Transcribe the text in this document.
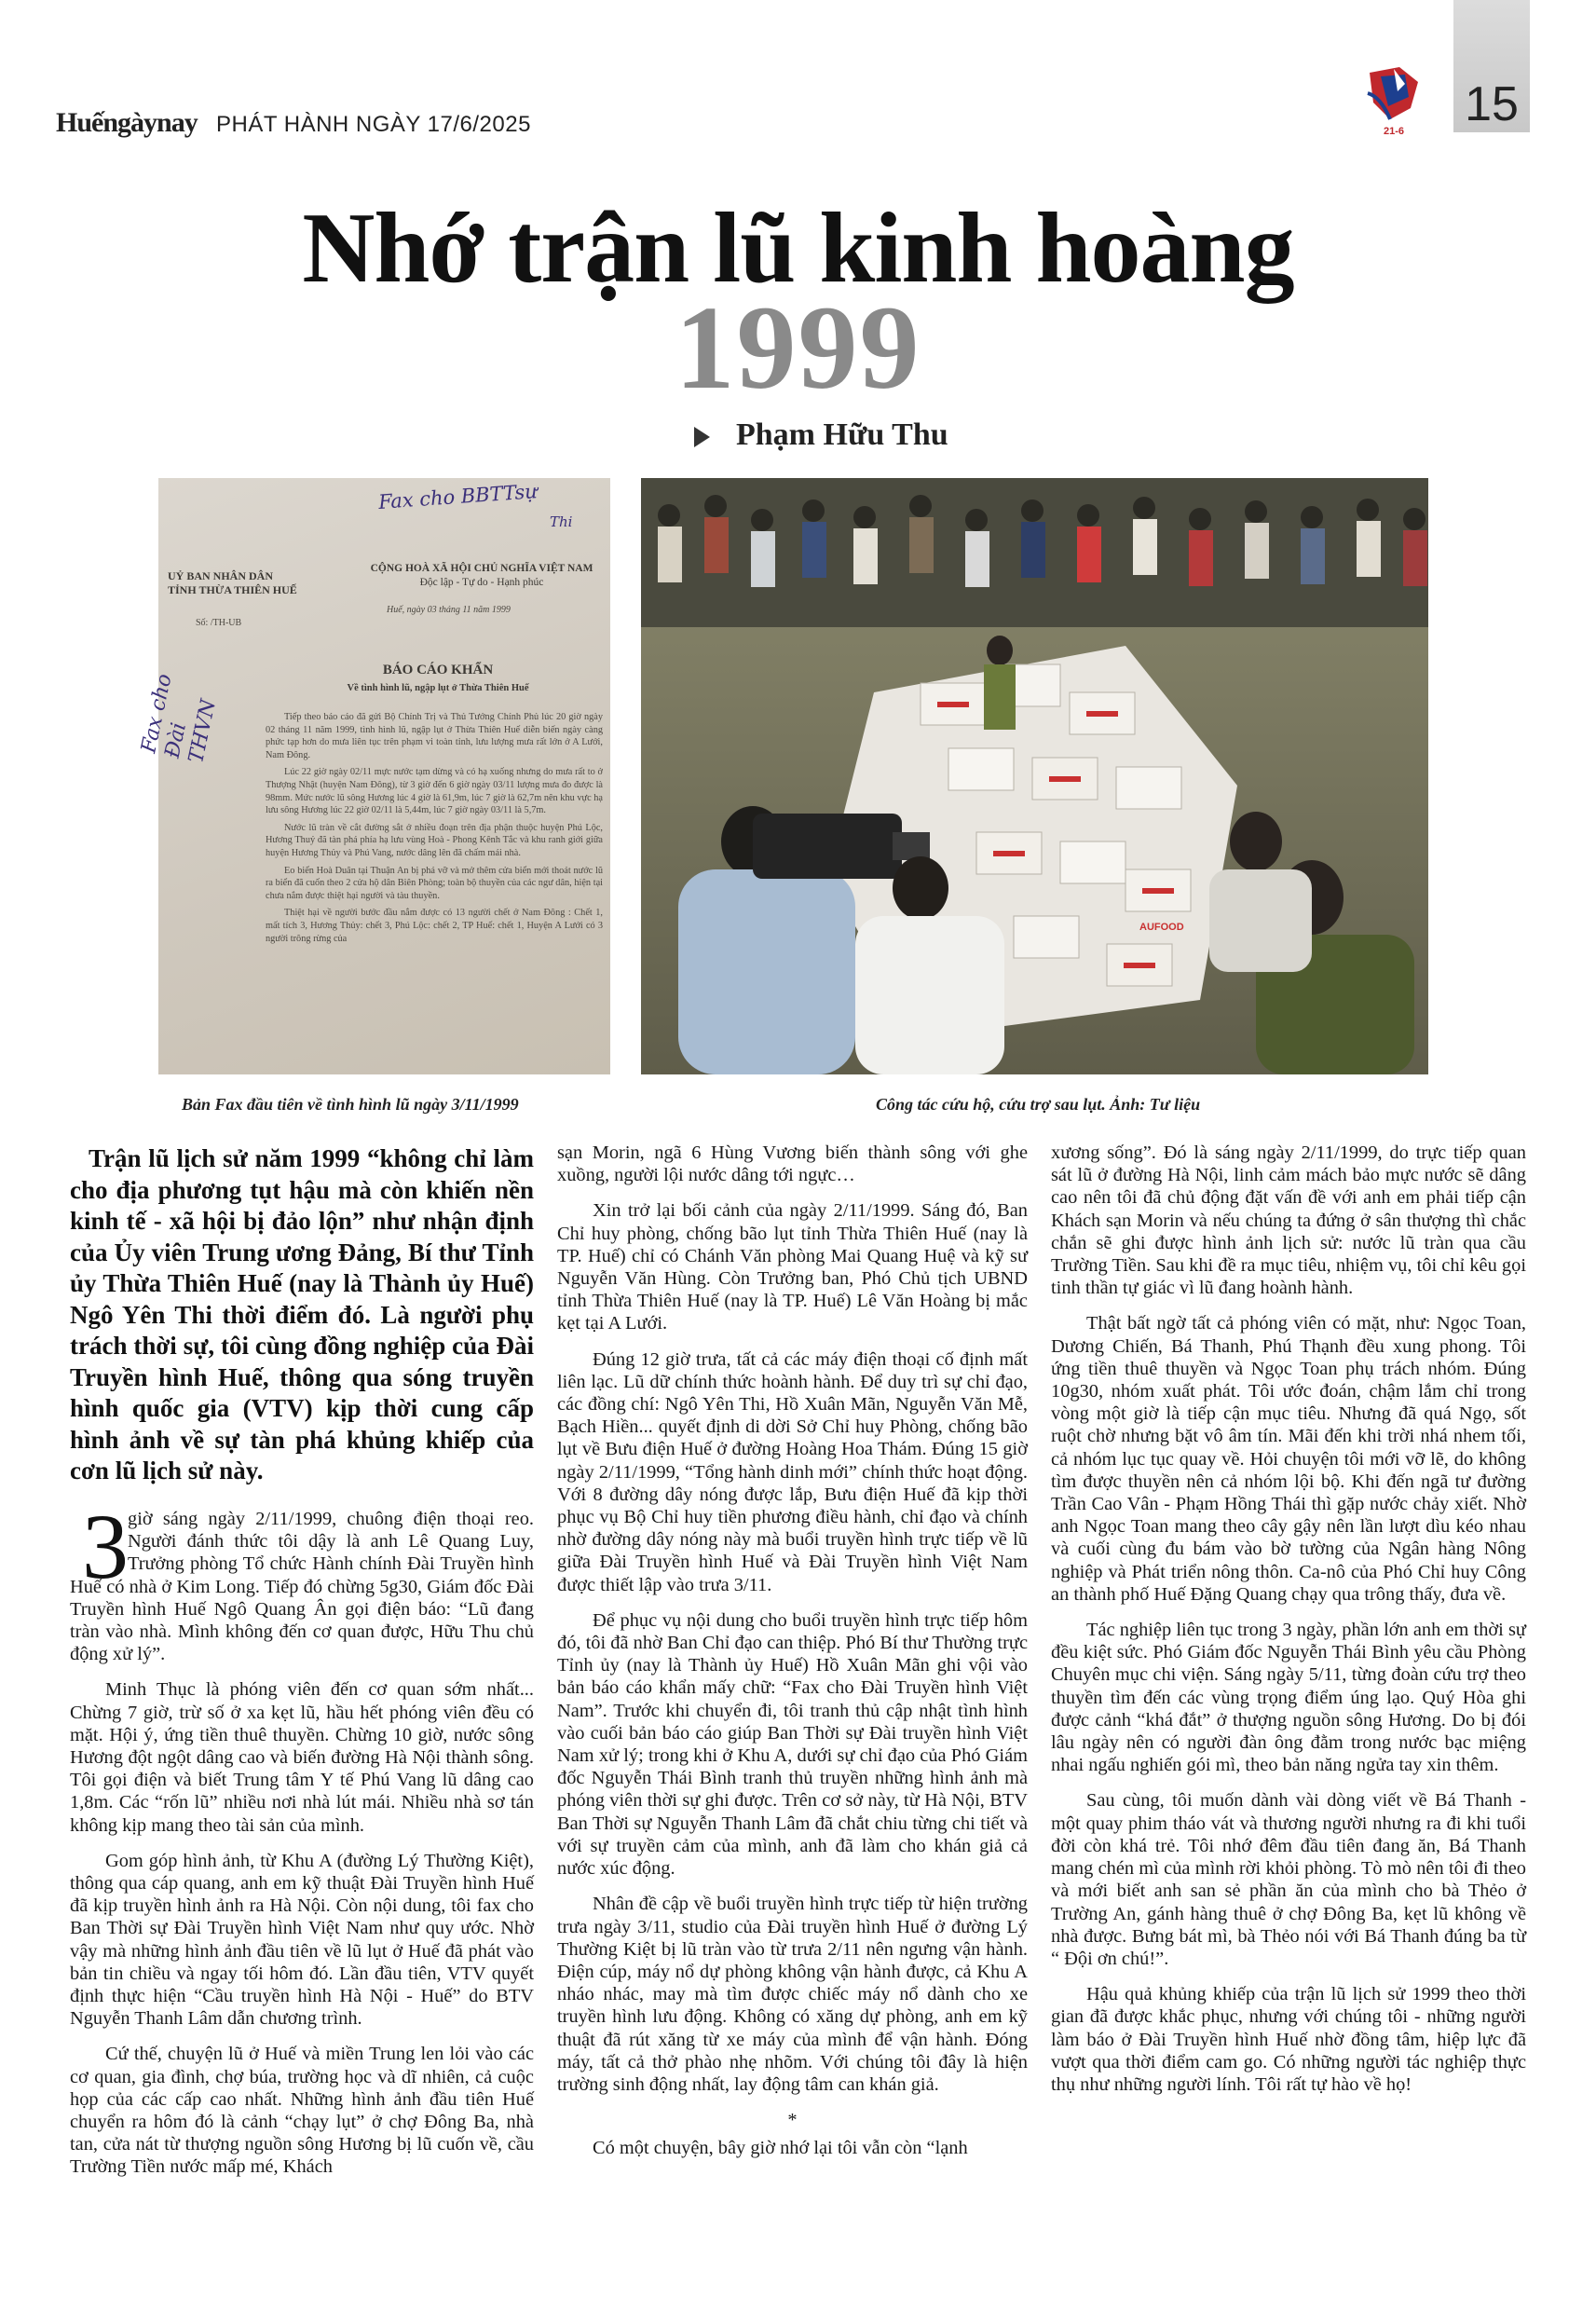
Huếngàynay PHÁT HÀNH NGÀY 17/6/2025	15
21-6
Nhớ trận lũ kinh hoàng
1999
Phạm Hữu Thu
Fax cho BBTTsự
Thi
UỶ BAN NHÂN DÂN
TỈNH THỪA THIÊN HUẾ
CỘNG HOÀ XÃ HỘI CHỦ NGHĨA VIỆT NAM
Độc lập - Tự do - Hạnh phúc
Số: /TH-UB
Huế, ngày 03 tháng 11 năm 1999
Fax cho Đài THVN
BÁO CÁO KHẨN
Về tình hình lũ, ngập lụt ở Thừa Thiên Huế

Tiếp theo báo cáo đã gửi Bộ Chính Trị và Thủ Tướng Chính Phủ lúc 20 giờ ngày 02 tháng 11 năm 1999, tình hình lũ, ngập lụt ở Thừa Thiên Huế diễn biến ngày càng phức tạp hơn do mưa liên tục trên phạm vi toàn tỉnh, lưu lượng mưa rất lớn ở A Lưới, Nam Đông.

Lúc 22 giờ ngày 02/11 mực nước tạm dừng và có hạ xuống nhưng do mưa rất to ở Thượng Nhật (huyện Nam Đông), từ 3 giờ đến 6 giờ ngày 03/11 lượng mưa đo được là 98mm. Mức nước lũ sông Hương lúc 4 giờ là 61,9m, lúc 7 giờ là 62,7m nên khu vực hạ lưu sông Hương lúc 22 giờ 02/11 là 5,44m, lúc 7 giờ ngày 03/11 là 5,7m.

Nước lũ tràn về cắt đường sắt ở nhiều đoạn trên địa phận thuộc huyện Phú Lộc, Hương Thuỷ đã tàn phá phía hạ lưu vùng Hoà - Phong Kênh Tắc và khu ranh giới giữa huyện Hương Thủy và Phú Vang, nước dâng lên đã chấm mái nhà.

Eo biển Hoà Duân tại Thuận An bị phá vỡ và mở thêm cửa biển mới thoát nước lũ ra biển đã cuốn theo 2 cửa hộ dân Biên Phòng; toàn bộ thuyền của các ngư dân, hiện tại chưa nắm được thiệt hại người và tàu thuyền.

Thiệt hại về người bước đầu nắm được có 13 người chết ở Nam Đông : Chết 1, mất tích 3, Hương Thủy: chết 3, Phú Lộc: chết 2, TP Huế: chết 1, Huyện A Lưới có 3 người trông rừng của

AUFOOD
Bản Fax đầu tiên về tình hình lũ ngày 3/11/1999	Công tác cứu hộ, cứu trợ sau lụt. Ảnh: Tư liệu
Trận lũ lịch sử năm 1999 “không chỉ làm cho địa phương tụt hậu mà còn khiến nền kinh tế - xã hội bị đảo lộn” như nhận định của Ủy viên Trung ương Đảng, Bí thư Tỉnh ủy Thừa Thiên Huế (nay là Thành ủy Huế) Ngô Yên Thi thời điểm đó. Là người phụ trách thời sự, tôi cùng đồng nghiệp của Đài Truyền hình Huế, thông qua sóng truyền hình quốc gia (VTV) kịp thời cung cấp hình ảnh về sự tàn phá khủng khiếp của cơn lũ lịch sử này.
3 giờ sáng ngày 2/11/1999, chuông điện thoại reo. Người đánh thức tôi dậy là anh Lê Quang Luy, Trưởng phòng Tổ chức Hành chính Đài Truyền hình Huế có nhà ở Kim Long. Tiếp đó chừng 5g30, Giám đốc Đài Truyền hình Huế Ngô Quang Ân gọi điện báo: “Lũ đang tràn vào nhà. Mình không đến cơ quan được, Hữu Thu chủ động xử lý”.

Minh Thục là phóng viên đến cơ quan sớm nhất... Chừng 7 giờ, trừ số ở xa kẹt lũ, hầu hết phóng viên đều có mặt. Hội ý, ứng tiền thuê thuyền. Chừng 10 giờ, nước sông Hương đột ngột dâng cao và biến đường Hà Nội thành sông. Tôi gọi điện và biết Trung tâm Y tế Phú Vang lũ dâng cao 1,8m. Các “rốn lũ” nhiều nơi nhà lút mái. Nhiều nhà sơ tán không kịp mang theo tài sản của mình.

Gom góp hình ảnh, từ Khu A (đường Lý Thường Kiệt), thông qua cáp quang, anh em kỹ thuật Đài Truyền hình Huế đã kịp truyền hình ảnh ra Hà Nội. Còn nội dung, tôi fax cho Ban Thời sự Đài Truyền hình Việt Nam như quy ước. Nhờ vậy mà những hình ảnh đầu tiên về lũ lụt ở Huế đã phát vào bản tin chiều và ngay tối hôm đó. Lần đầu tiên, VTV quyết định thực hiện “Cầu truyền hình Hà Nội - Huế” do BTV Nguyễn Thanh Lâm dẫn chương trình.

Cứ thế, chuyện lũ ở Huế và miền Trung len lỏi vào các cơ quan, gia đình, chợ búa, trường học và dĩ nhiên, cả cuộc họp của các cấp cao nhất. Những hình ảnh đầu tiên Huế chuyển ra hôm đó là cảnh “chạy lụt” ở chợ Đông Ba, nhà tan, cửa nát từ thượng nguồn sông Hương bị lũ cuốn về, cầu Trường Tiền nước mấp mé, Khách

sạn Morin, ngã 6 Hùng Vương biến thành sông với ghe xuồng, người lội nước dâng tới ngực…

Xin trở lại bối cảnh của ngày 2/11/1999. Sáng đó, Ban Chỉ huy phòng, chống bão lụt tỉnh Thừa Thiên Huế (nay là TP. Huế) chỉ có Chánh Văn phòng Mai Quang Huệ và kỹ sư Nguyễn Văn Hùng. Còn Trưởng ban, Phó Chủ tịch UBND tỉnh Thừa Thiên Huế (nay là TP. Huế) Lê Văn Hoàng bị mắc kẹt tại A Lưới.

Đúng 12 giờ trưa, tất cả các máy điện thoại cố định mất liên lạc. Lũ dữ chính thức hoành hành. Để duy trì sự chỉ đạo, các đồng chí: Ngô Yên Thi, Hồ Xuân Mãn, Nguyễn Văn Mễ, Bạch Hiền... quyết định di dời Sở Chỉ huy Phòng, chống bão lụt về Bưu điện Huế ở đường Hoàng Hoa Thám. Đúng 15 giờ ngày 2/11/1999, “Tổng hành dinh mới” chính thức hoạt động. Với 8 đường dây nóng được lắp, Bưu điện Huế đã kịp thời phục vụ Bộ Chỉ huy tiền phương điều hành, chỉ đạo và chính nhờ đường dây nóng này mà buổi truyền hình trực tiếp về lũ giữa Đài Truyền hình Huế và Đài Truyền hình Việt Nam được thiết lập vào trưa 3/11.

Để phục vụ nội dung cho buổi truyền hình trực tiếp hôm đó, tôi đã nhờ Ban Chỉ đạo can thiệp. Phó Bí thư Thường trực Tỉnh ủy (nay là Thành ủy Huế) Hồ Xuân Mãn ghi vội vào bản báo cáo khẩn mấy chữ: “Fax cho Đài Truyền hình Việt Nam”. Trước khi chuyển đi, tôi tranh thủ cập nhật tình hình vào cuối bản báo cáo giúp Ban Thời sự Đài truyền hình Việt Nam xử lý; trong khi ở Khu A, dưới sự chỉ đạo của Phó Giám đốc Nguyễn Thái Bình tranh thủ truyền những hình ảnh mà phóng viên thời sự ghi được. Trên cơ sở này, từ Hà Nội, BTV Ban Thời sự Nguyễn Thanh Lâm đã chắt chiu từng chi tiết và với sự truyền cảm của mình, anh đã làm cho khán giả cả nước xúc động.

Nhân đề cập về buổi truyền hình trực tiếp từ hiện trường trưa ngày 3/11, studio của Đài truyền hình Huế ở đường Lý Thường Kiệt bị lũ tràn vào từ trưa 2/11 nên ngưng vận hành. Điện cúp, máy nổ dự phòng không vận hành được, cả Khu A nháo nhác, may mà tìm được chiếc máy nổ dành cho xe truyền hình lưu động. Không có xăng dự phòng, anh em kỹ thuật đã rút xăng từ xe máy của mình để vận hành. Đóng máy, tất cả thở phào nhẹ nhõm. Với chúng tôi đây là hiện trường sinh động nhất, lay động tâm can khán giả.

*

Có một chuyện, bây giờ nhớ lại tôi vẫn còn “lạnh

xương sống”. Đó là sáng ngày 2/11/1999, do trực tiếp quan sát lũ ở đường Hà Nội, linh cảm mách bảo mực nước sẽ dâng cao nên tôi đã chủ động đặt vấn đề với anh em phải tiếp cận Khách sạn Morin và nếu chúng ta đứng ở sân thượng thì chắc chắn sẽ ghi được hình ảnh lịch sử: nước lũ tràn qua cầu Trường Tiền. Sau khi đề ra mục tiêu, nhiệm vụ, tôi chỉ kêu gọi tinh thần tự giác vì lũ đang hoành hành.

Thật bất ngờ tất cả phóng viên có mặt, như: Ngọc Toan, Dương Chiến, Bá Thanh, Phú Thạnh đều xung phong. Tôi ứng tiền thuê thuyền và Ngọc Toan phụ trách nhóm. Đúng 10g30, nhóm xuất phát. Tôi ước đoán, chậm lắm chỉ trong vòng một giờ là tiếp cận mục tiêu. Nhưng đã quá Ngọ, sốt ruột chờ nhưng bặt vô âm tín. Mãi đến khi trời nhá nhem tối, cả nhóm lục tục quay về. Hỏi chuyện tôi mới vỡ lẽ, do không tìm được thuyền nên cả nhóm lội bộ. Khi đến ngã tư đường Trần Cao Vân - Phạm Hồng Thái thì gặp nước chảy xiết. Nhờ anh Ngọc Toan mang theo cây gậy nên lần lượt dìu kéo nhau và cuối cùng đu bám vào bờ tường của Ngân hàng Nông nghiệp và Phát triển nông thôn. Ca-nô của Phó Chỉ huy Công an thành phố Huế Đặng Quang chạy qua trông thấy, đưa về.

Tác nghiệp liên tục trong 3 ngày, phần lớn anh em thời sự đều kiệt sức. Phó Giám đốc Nguyễn Thái Bình yêu cầu Phòng Chuyên mục chi viện. Sáng ngày 5/11, từng đoàn cứu trợ theo thuyền tìm đến các vùng trọng điểm úng lạo. Quý Hòa ghi được cảnh “khá đắt” ở thượng nguồn sông Hương. Do bị đói lâu ngày nên có người đàn ông đằm trong nước bạc miệng nhai ngấu nghiến gói mì, theo bản năng ngửa tay xin thêm.

Sau cùng, tôi muốn dành vài dòng viết về Bá Thanh - một quay phim tháo vát và thương người nhưng ra đi khi tuổi đời còn khá trẻ. Tôi nhớ đêm đầu tiên đang ăn, Bá Thanh mang chén mì của mình rời khỏi phòng. Tò mò nên tôi đi theo và mới biết anh san sẻ phần ăn của mình cho bà Thẻo ở Trường An, gánh hàng thuê ở chợ Đông Ba, kẹt lũ không về nhà được. Bưng bát mì, bà Thẻo nói với Bá Thanh đúng ba từ “ Đội ơn chú!”.

Hậu quả khủng khiếp của trận lũ lịch sử 1999 theo thời gian đã được khắc phục, nhưng với chúng tôi - những người làm báo ở Đài Truyền hình Huế nhờ đồng tâm, hiệp lực đã vượt qua thời điểm cam go. Có những người tác nghiệp thực thụ như những người lính. Tôi rất tự hào về họ!
